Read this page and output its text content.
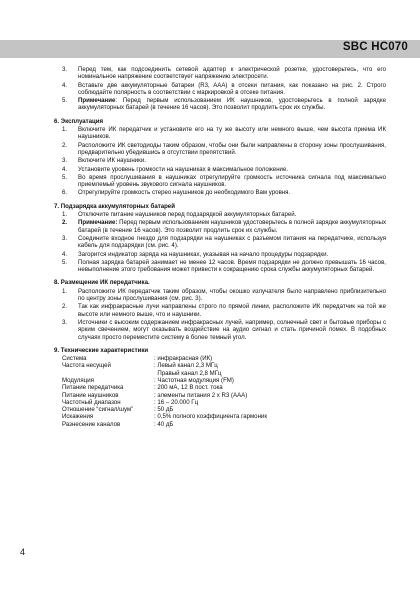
SBC HC070
3.	Перед тем, как подсоединить сетевой адаптер к электрической розетке, удостоверьтесь, что его номинальное напряжение соответствует напряжению электросети.
4.	Вставьте две аккумуляторные батареи (R3, AAA) в отсеки питания, как показано на рис. 2. Строго соблюдайте полярность в соответствии с маркировкой в отсеке питания.
5.	Примечание: Перед первым использованием ИК наушников, удостоверьтесь в полной зарядке аккумуляторных батарей (в течение 16 часов). Это позволит продлить срок их службы.
6. Эксплуатация
1.	Включите ИК передатчик и установите его на ту же высоту или немного выше, чем высота приема ИК наушников.
2.	Расположите ИК светодиоды таким образом, чтобы они были направлены в сторону зоны прослушивания, предварительно убедившись в отсутствии препятствий.
3.	Включите ИК наушники.
4.	Установите уровень громкости на наушниках в максимальное положение.
5.	Во время прослушивания в наушниках отрегулируйте громкость источника сигнала под максимально приемлемый уровень звукового сигнала наушников.
6.	Отрегулируйте громкость стерео наушников до необходимого Вам уровня.
7. Подзарядка аккумуляторных батарей
1.	Отключите питание наушников перед подзарядкой аккумуляторных батарей.
2.	Примечание: Перед первым использованием наушников удостоверьтесь в полной зарядке аккумуляторных батарей (в течение 16 часов). Это позволит продлить срок их службы.
3.	Соедините входное гнездо для подзарядки на наушниках с разъемом питания на передатчике, используя кабель для подзарядки (см. рис. 4).
4.	Загорится индикатор заряда на наушниках, указывая на начало процедуры подзарядки.
5.	Полная зарядка батарей занимает не менее 12 часов. Время подзарядки не должно превышать 16 часов, невыполнение этого требования может привести к сокращению срока службы аккумуляторных батарей.
8. Размещение ИК передатчика.
1.	Расположите ИК передатчик таким образом, чтобы окошко излучателя было направлено приблизительно по центру зоны прослушивания (см. рис. 3).
2.	Так как инфракрасные лучи направлены строго по прямой линии, расположите ИК передатчик на той же высоте или немного выше, что и наушники.
3.	Источники с высоким содержанием инфракрасных лучей, например, солнечный свет и бытовые приборы с ярким свечением, могут оказывать воздействие на аудио сигнал и стать причиной помех. В подобных случаях просто переместите систему в более темный угол.
9. Технические характеристики
Система	: инфракрасная (ИК)
Частота несущей	: Левый канал 2,3 МГц
Правый канал 2,8 МГц
Модуляция	: Частотная модуляция (FM)
Питание передатчика	: 200 мА, 12 В пост. тока
Питание наушников	: элементы питания 2 x R3 (AAA)
Частотный диапазон	: 16 – 20.000 Гц
Отношение “сигнал/шум”	: 50 дБ
Искажения	: 0,5% полного коэффициента гармоник
Разнесение каналов	: 40 дБ
4
